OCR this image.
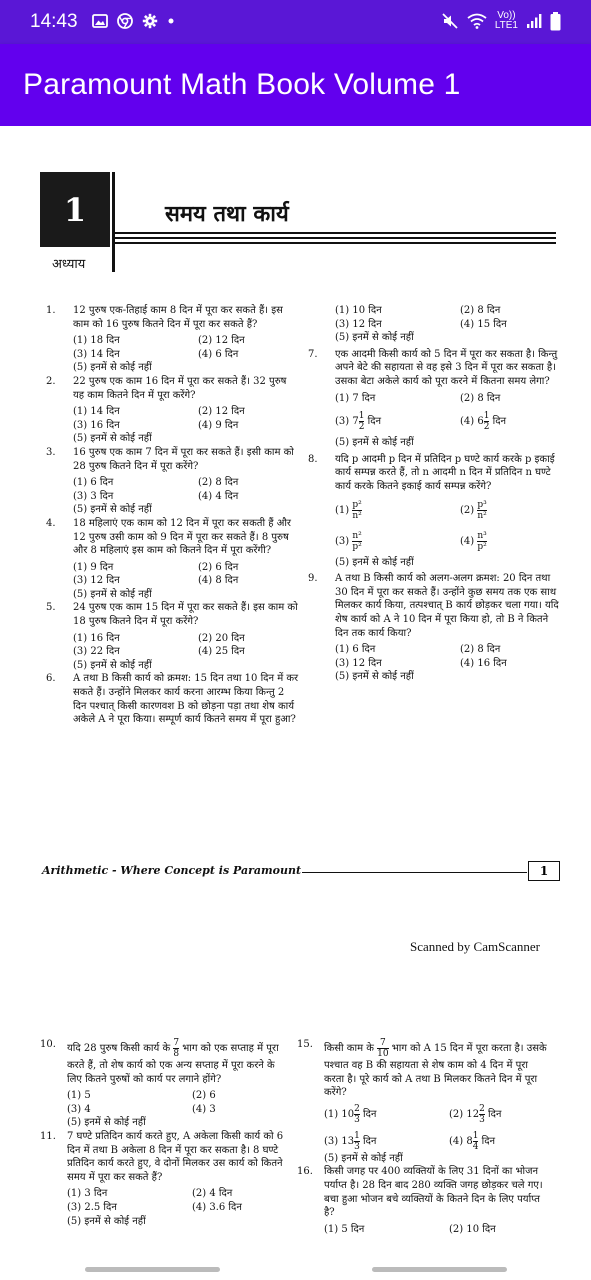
14:43	Vo))
LTE1
Paramount Math Book Volume 1
1
अध्याय
समय तथा कार्य
1. 12 पुरुष एक-तिहाई काम 8 दिन में पूरा कर सकते हैं। इस काम को 16 पुरुष कितने दिन में पूरा कर सकते हैं?
(1) 18 दिन	(2) 12 दिन
(3) 14 दिन	(4) 6 दिन
(5) इनमें से कोई नहीं
2. 22 पुरुष एक काम 16 दिन में पूरा कर सकते हैं। 32 पुरुष यह काम कितने दिन में पूरा करेंगे?
(1) 14 दिन	(2) 12 दिन
(3) 16 दिन	(4) 9 दिन
(5) इनमें से कोई नहीं
3. 16 पुरुष एक काम 7 दिन में पूरा कर सकते हैं। इसी काम को 28 पुरुष कितने दिन में पूरा करेंगे?
(1) 6 दिन	(2) 8 दिन
(3) 3 दिन	(4) 4 दिन
(5) इनमें से कोई नहीं
4. 18 महिलाएं एक काम को 12 दिन में पूरा कर सकती हैं और 12 पुरुष उसी काम को 9 दिन में पूरा कर सकते हैं। 8 पुरुष और 8 महिलाएं इस काम को कितने दिन में पूरा करेंगी?
(1) 9 दिन	(2) 6 दिन
(3) 12 दिन	(4) 8 दिन
(5) इनमें से कोई नहीं
5. 24 पुरुष एक काम 15 दिन में पूरा कर सकते हैं। इस काम को 18 पुरुष कितने दिन में पूरा करेंगे?
(1) 16 दिन	(2) 20 दिन
(3) 22 दिन	(4) 25 दिन
(5) इनमें से कोई नहीं
6. A तथा B किसी कार्य को क्रमश: 15 दिन तथा 10 दिन में कर सकते हैं। उन्होंने मिलकर कार्य करना आरम्भ किया किन्तु 2 दिन पश्चात् किसी कारणवश B को छोड़ना पड़ा तथा शेष कार्य अकेले A ने पूरा किया। सम्पूर्ण कार्य कितने समय में पूरा हुआ?
(1) 10 दिन	(2) 8 दिन
(3) 12 दिन	(4) 15 दिन
(5) इनमें से कोई नहीं
7. एक आदमी किसी कार्य को 5 दिन में पूरा कर सकता है। किन्तु अपने बेटे की सहायता से वह इसे 3 दिन में पूरा कर सकता है। उसका बेटा अकेले कार्य को पूरा करने में कितना समय लेगा?
(1) 7 दिन	(2) 8 दिन
(3) $7 \frac{1}{2}$ दिन	(4) $6 \frac{1}{2}$ दिन
(5) इनमें से कोई नहीं
8. यदि p आदमी p दिन में प्रतिदिन p घण्टे कार्य करके p इकाई कार्य सम्पन्न करते हैं, तो n आदमी n दिन में प्रतिदिन n घण्टे कार्य करके कितने इकाई कार्य सम्पन्न करेंगे?
$(1) \frac{\text{p²}}{\text{n²}}$	$(2) \frac{\text{p³}}{\text{n²}}$
$(3) \frac{\text{n²}}{\text{p²}}$	$(4) \frac{\text{n³}}{\text{p²}}$
(5) इनमें से कोई नहीं
9. A तथा B किसी कार्य को अलग-अलग क्रमश: 20 दिन तथा 30 दिन में पूरा कर सकते हैं। उन्होंने कुछ समय तक एक साथ मिलकर कार्य किया, तत्पश्चात् B कार्य छोड़कर चला गया। यदि शेष कार्य को A ने 10 दिन में पूरा किया हो, तो B ने कितने दिन तक कार्य किया?
(1) 6 दिन	(2) 8 दिन
(3) 12 दिन	(4) 16 दिन
(5) इनमें से कोई नहीं
Arithmetic - Where Concept is Paramount	1
Scanned by CamScanner
10. यदि 28 पुरुष किसी कार्य के $\frac{7}{8}$ भाग को एक सप्ताह में पूरा करते हैं, तो शेष कार्य को एक अन्य सप्ताह में पूरा करने के लिए कितने पुरुषों को कार्य पर लगाने होंगे?
(1) 5	(2) 6
(3) 4	(4) 3
(5) इनमें से कोई नहीं
11. 7 घण्टे प्रतिदिन कार्य करते हुए, A अकेला किसी कार्य को 6 दिन में तथा B अकेला 8 दिन में पूरा कर सकता है। 8 घण्टे प्रतिदिन कार्य करते हुए, वे दोनों मिलकर उस कार्य को कितने समय में पूरा कर सकते हैं?
(1) 3 दिन	(2) 4 दिन
(3) 2.5 दिन	(4) 3.6 दिन
(5) इनमें से कोई नहीं
15. किसी काम के $\frac{7}{10}$ भाग को A 15 दिन में पूरा करता है। उसके पश्चात वह B की सहायता से शेष काम को 4 दिन में पूरा करता है। पूरे कार्य को A तथा B मिलकर कितने दिन में पूरा करेंगे?
(1) $10 \frac{2}{3}$ दिन	(2) $12 \frac{2}{3}$ दिन
(3) $13 \frac{1}{3}$ दिन	(4) $8 \frac{1}{4}$ दिन
(5) इनमें से कोई नहीं
16. किसी जगह पर 400 व्यक्तियों के लिए 31 दिनों का भोजन पर्याप्त है। 28 दिन बाद 280 व्यक्ति जगह छोड़कर चले गए। बचा हुआ भोजन बचे व्यक्तियों के कितने दिन के लिए पर्याप्त है?
(1) 5 दिन	(2) 10 दिन
